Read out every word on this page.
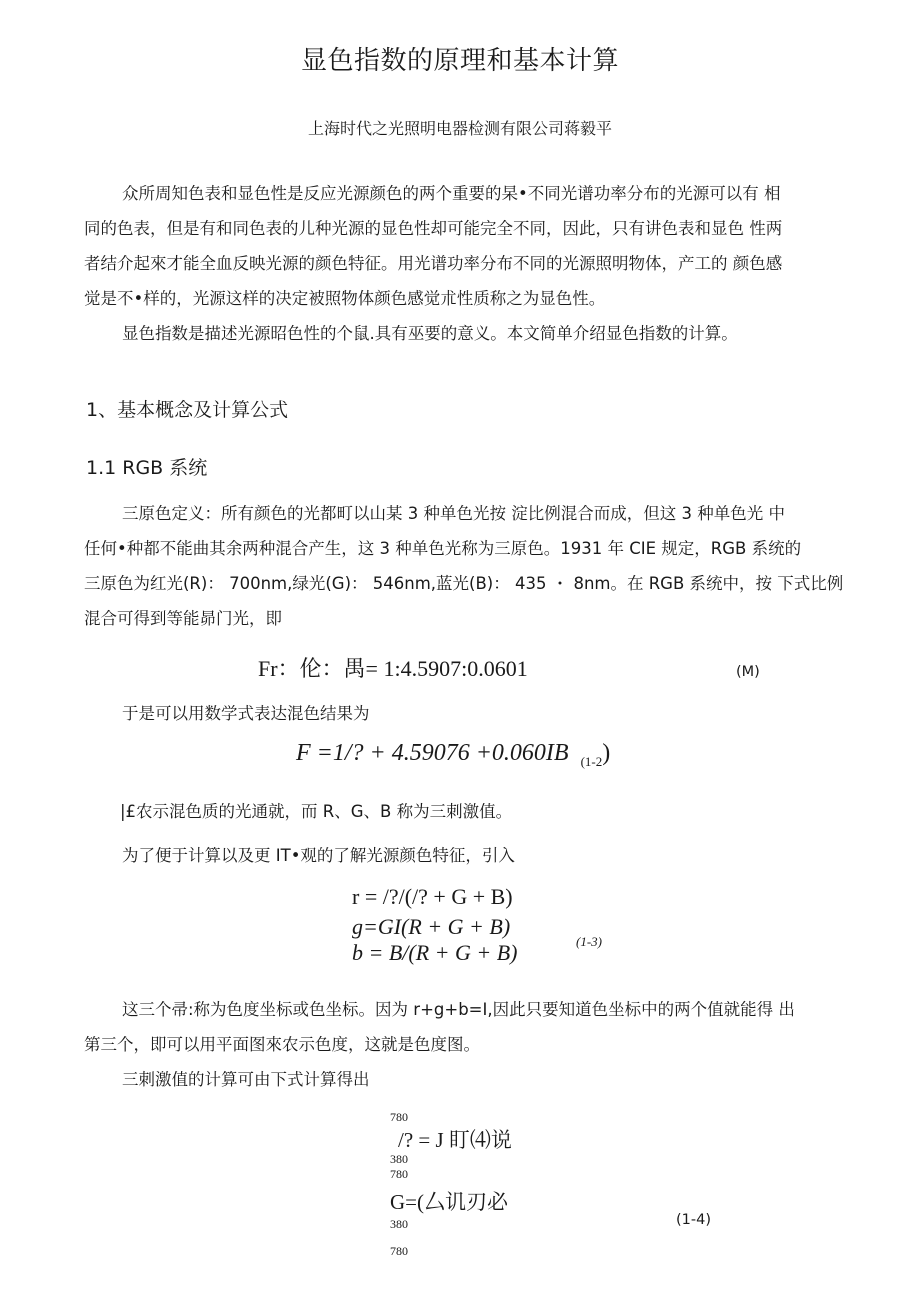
显色指数的原理和基本计算
上海时代之光照明电器检测有限公司蒋毅平
众所周知色表和显色性是反应光源颜色的两个重要的杲•不同光谱功率分布的光源可以有 相
同的色表，但是有和同色表的儿种光源的显色性却可能完全不同，因此，只有讲色表和显色 性两
者结介起來才能全血反映光源的颜色特征。用光谱功率分布不同的光源照明物体，产工的 颜色感
觉是不•样的，光源这样的决定被照物体颜色感觉朮性质称之为显色性。
显色指数是描述光源昭色性的个鼠.具有巫要的意义。本文简单介绍显色指数的计算。
1、基本概念及计算公式
1.1 RGB 系统
三原色定义：所有颜色的光都町以山某 3 种单色光按 淀比例混合而成，但这 3 种单色光 中
任何•种都不能曲其余两种混合产生，这 3 种单色光称为三原色。1931 年 CIE 规定，RGB 系统的
三原色为红光(R)： 700nm,绿光(G)： 546nm,蓝光(B)： 435 ・ 8nm。在 RGB 系统中，按 下式比例
混合可得到等能昴门光，即
Fr：伦：禺= 1:4.5907:0.0601	(M)
于是可以用数学式表达混色结果为
F =1/? + 4.59076 +0.060IB $_{(1-2}$)
|£农示混色质的光通就，而 R、G、B 称为三刺激值。
为了便于计算以及更 IT•观的了解光源颜色特征，引入
r = /?/(/? + G + B)
g=GI(R + G + B)
b = B/(R + G + B)	(1-3)
这三个帚:称为色度坐标或色坐标。因为 r+g+b=I,因此只要知道色坐标中的两个值就能得 出
第三个，即可以用平面图來农示色度，这就是色度图。
三刺激值的计算可由下式计算得出
780
/? = J 盯⑷说
380
780
G=(厶讥刃必
380	(1-4)
780
